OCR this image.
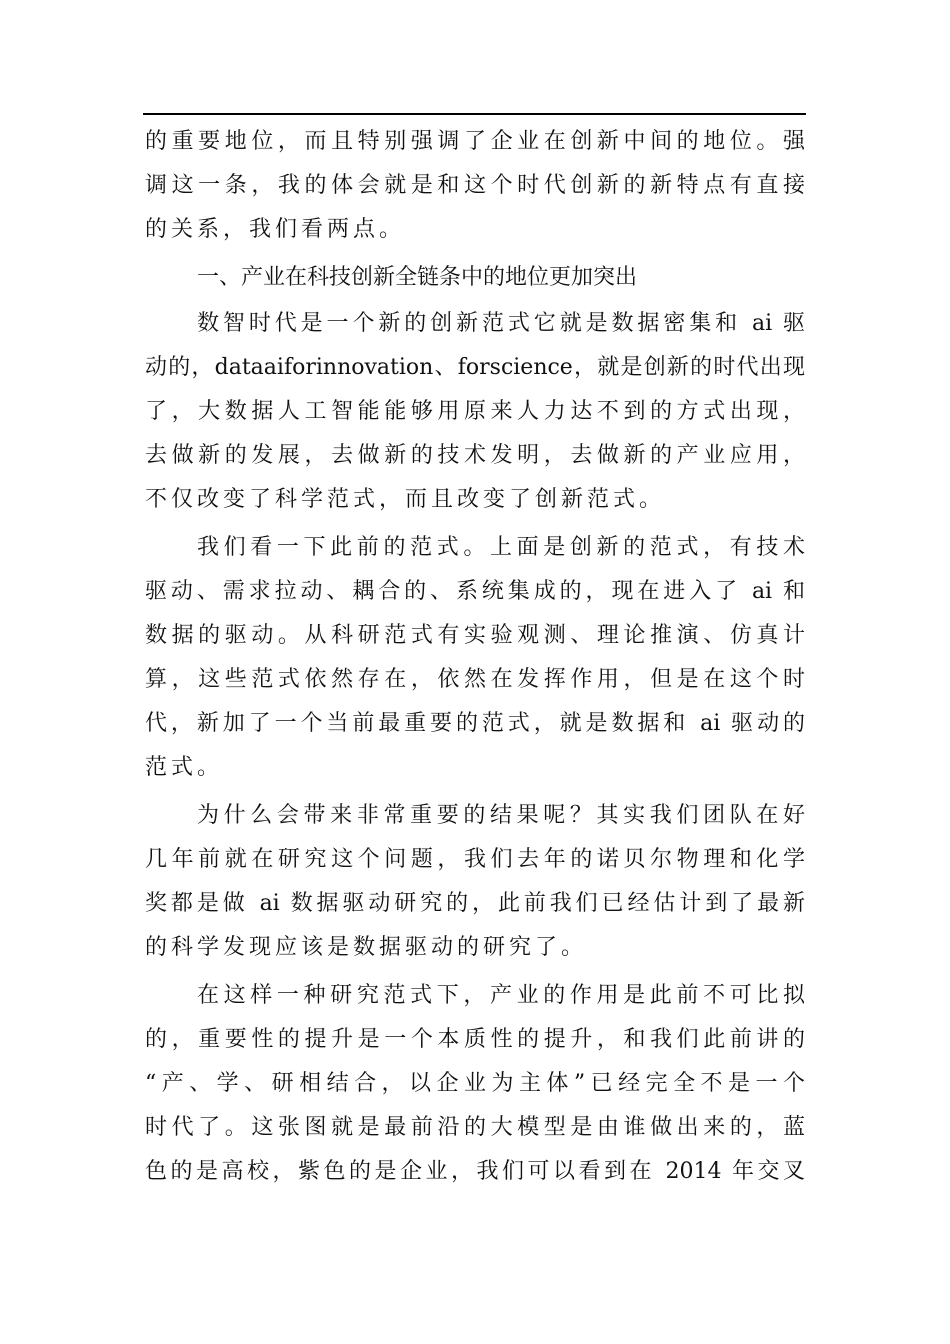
的重要地位，而且特别强调了企业在创新中间的地位。强
调这一条，我的体会就是和这个时代创新的新特点有直接
的关系，我们看两点。
一、产业在科技创新全链条中的地位更加突出
数智时代是一个新的创新范式它就是数据密集和 ai 驱
动的，dataaiforinnovation、forscience，就是创新的时代出现
了，大数据人工智能能够用原来人力达不到的方式出现，
去做新的发展，去做新的技术发明，去做新的产业应用，
不仅改变了科学范式，而且改变了创新范式。
我们看一下此前的范式。上面是创新的范式，有技术
驱动、需求拉动、耦合的、系统集成的，现在进入了 ai 和
数据的驱动。从科研范式有实验观测、理论推演、仿真计
算，这些范式依然存在，依然在发挥作用，但是在这个时
代，新加了一个当前最重要的范式，就是数据和 ai 驱动的
范式。
为什么会带来非常重要的结果呢？其实我们团队在好
几年前就在研究这个问题，我们去年的诺贝尔物理和化学
奖都是做 ai 数据驱动研究的，此前我们已经估计到了最新
的科学发现应该是数据驱动的研究了。
在这样一种研究范式下，产业的作用是此前不可比拟
的，重要性的提升是一个本质性的提升，和我们此前讲的
“产、学、研相结合，以企业为主体”已经完全不是一个
时代了。这张图就是最前沿的大模型是由谁做出来的，蓝
色的是高校，紫色的是企业，我们可以看到在 2014 年交叉
